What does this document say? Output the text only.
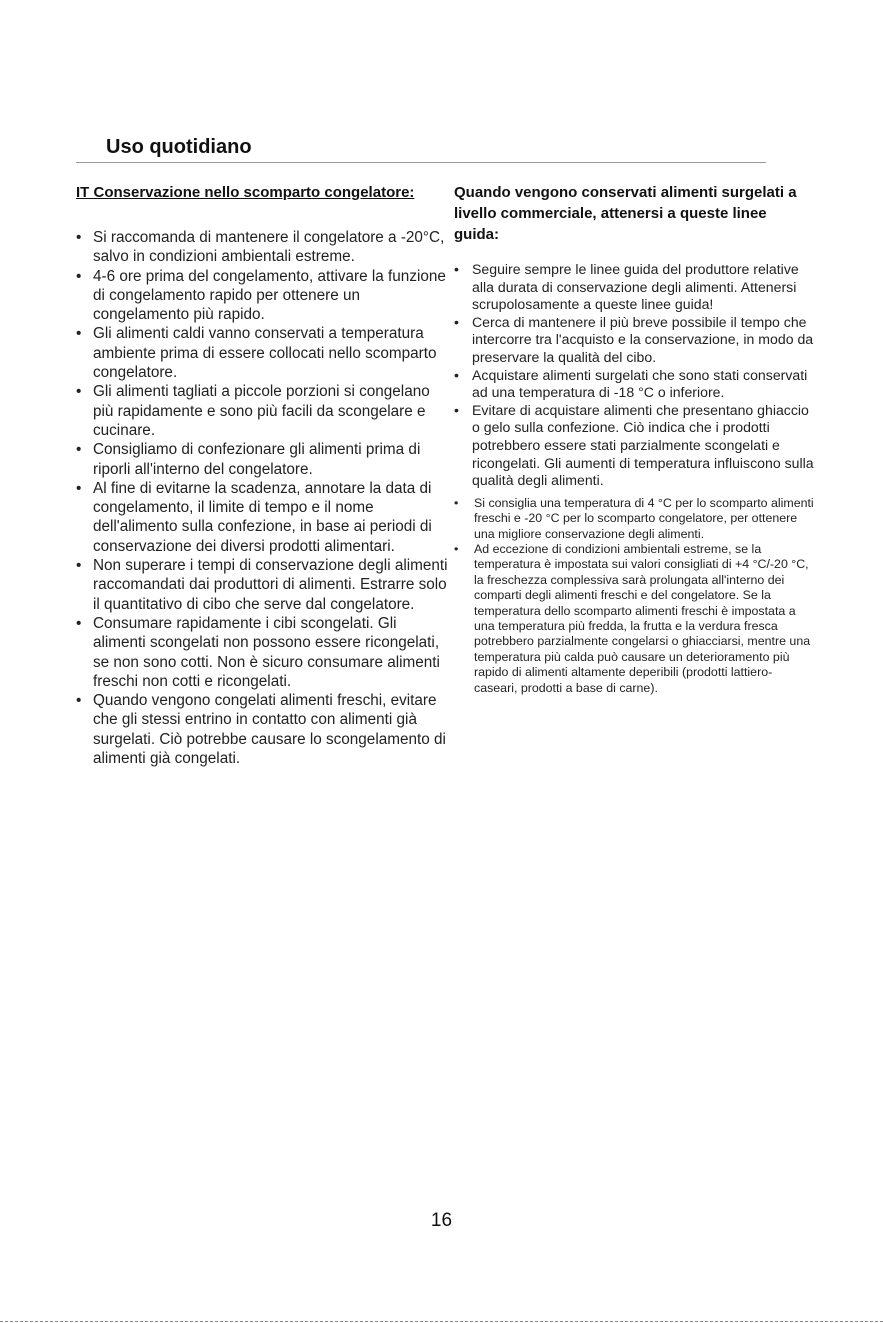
Uso quotidiano
IT Conservazione nello scomparto congelatore:
• Si raccomanda di mantenere il congelatore a -20°C, salvo in condizioni ambientali estreme.
• 4-6 ore prima del congelamento, attivare la funzione di congelamento rapido per ottenere un congelamento più rapido.
• Gli alimenti caldi vanno conservati a temperatura ambiente prima di essere collocati nello scomparto congelatore.
• Gli alimenti tagliati a piccole porzioni si congelano più rapidamente e sono più facili da scongelare e cucinare.
• Consigliamo di confezionare gli alimenti prima di riporli all'interno del congelatore.
• Al fine di evitarne la scadenza, annotare la data di congelamento, il limite di tempo e il nome dell'alimento sulla confezione, in base ai periodi di conservazione dei diversi prodotti alimentari.
• Non superare i tempi di conservazione degli alimenti raccomandati dai produttori di alimenti. Estrarre solo il quantitativo di cibo che serve dal congelatore.
• Consumare rapidamente i cibi scongelati. Gli alimenti scongelati non possono essere ricongelati, se non sono cotti. Non è sicuro consumare alimenti freschi non cotti e ricongelati.
• Quando vengono congelati alimenti freschi, evitare che gli stessi entrino in contatto con alimenti già surgelati. Ciò potrebbe causare lo scongelamento di alimenti già congelati.
Quando vengono conservati alimenti surgelati a livello commerciale, attenersi a queste linee guida:
• Seguire sempre le linee guida del produttore relative alla durata di conservazione degli alimenti. Attenersi scrupolosamente a queste linee guida!
• Cerca di mantenere il più breve possibile il tempo che intercorre tra l'acquisto e la conservazione, in modo da preservare la qualità del cibo.
• Acquistare alimenti surgelati che sono stati conservati ad una temperatura di -18 °C o inferiore.
• Evitare di acquistare alimenti che presentano ghiaccio o gelo sulla confezione. Ciò indica che i prodotti potrebbero essere stati parzialmente scongelati e ricongelati. Gli aumenti di temperatura influiscono sulla qualità degli alimenti.
• Si consiglia una temperatura di 4 °C per lo scomparto alimenti freschi e -20 °C per lo scomparto congelatore, per ottenere una migliore conservazione degli alimenti.
• Ad eccezione di condizioni ambientali estreme, se la temperatura è impostata sui valori consigliati di +4 °C/-20 °C, la freschezza complessiva sarà prolungata all'interno dei comparti degli alimenti freschi e del congelatore. Se la temperatura dello scomparto alimenti freschi è impostata a una temperatura più fredda, la frutta e la verdura fresca potrebbero parzialmente congelarsi o ghiacciarsi, mentre una temperatura più calda può causare un deterioramento più rapido di alimenti altamente deperibili (prodotti lattiero-caseari, prodotti a base di carne).
16
